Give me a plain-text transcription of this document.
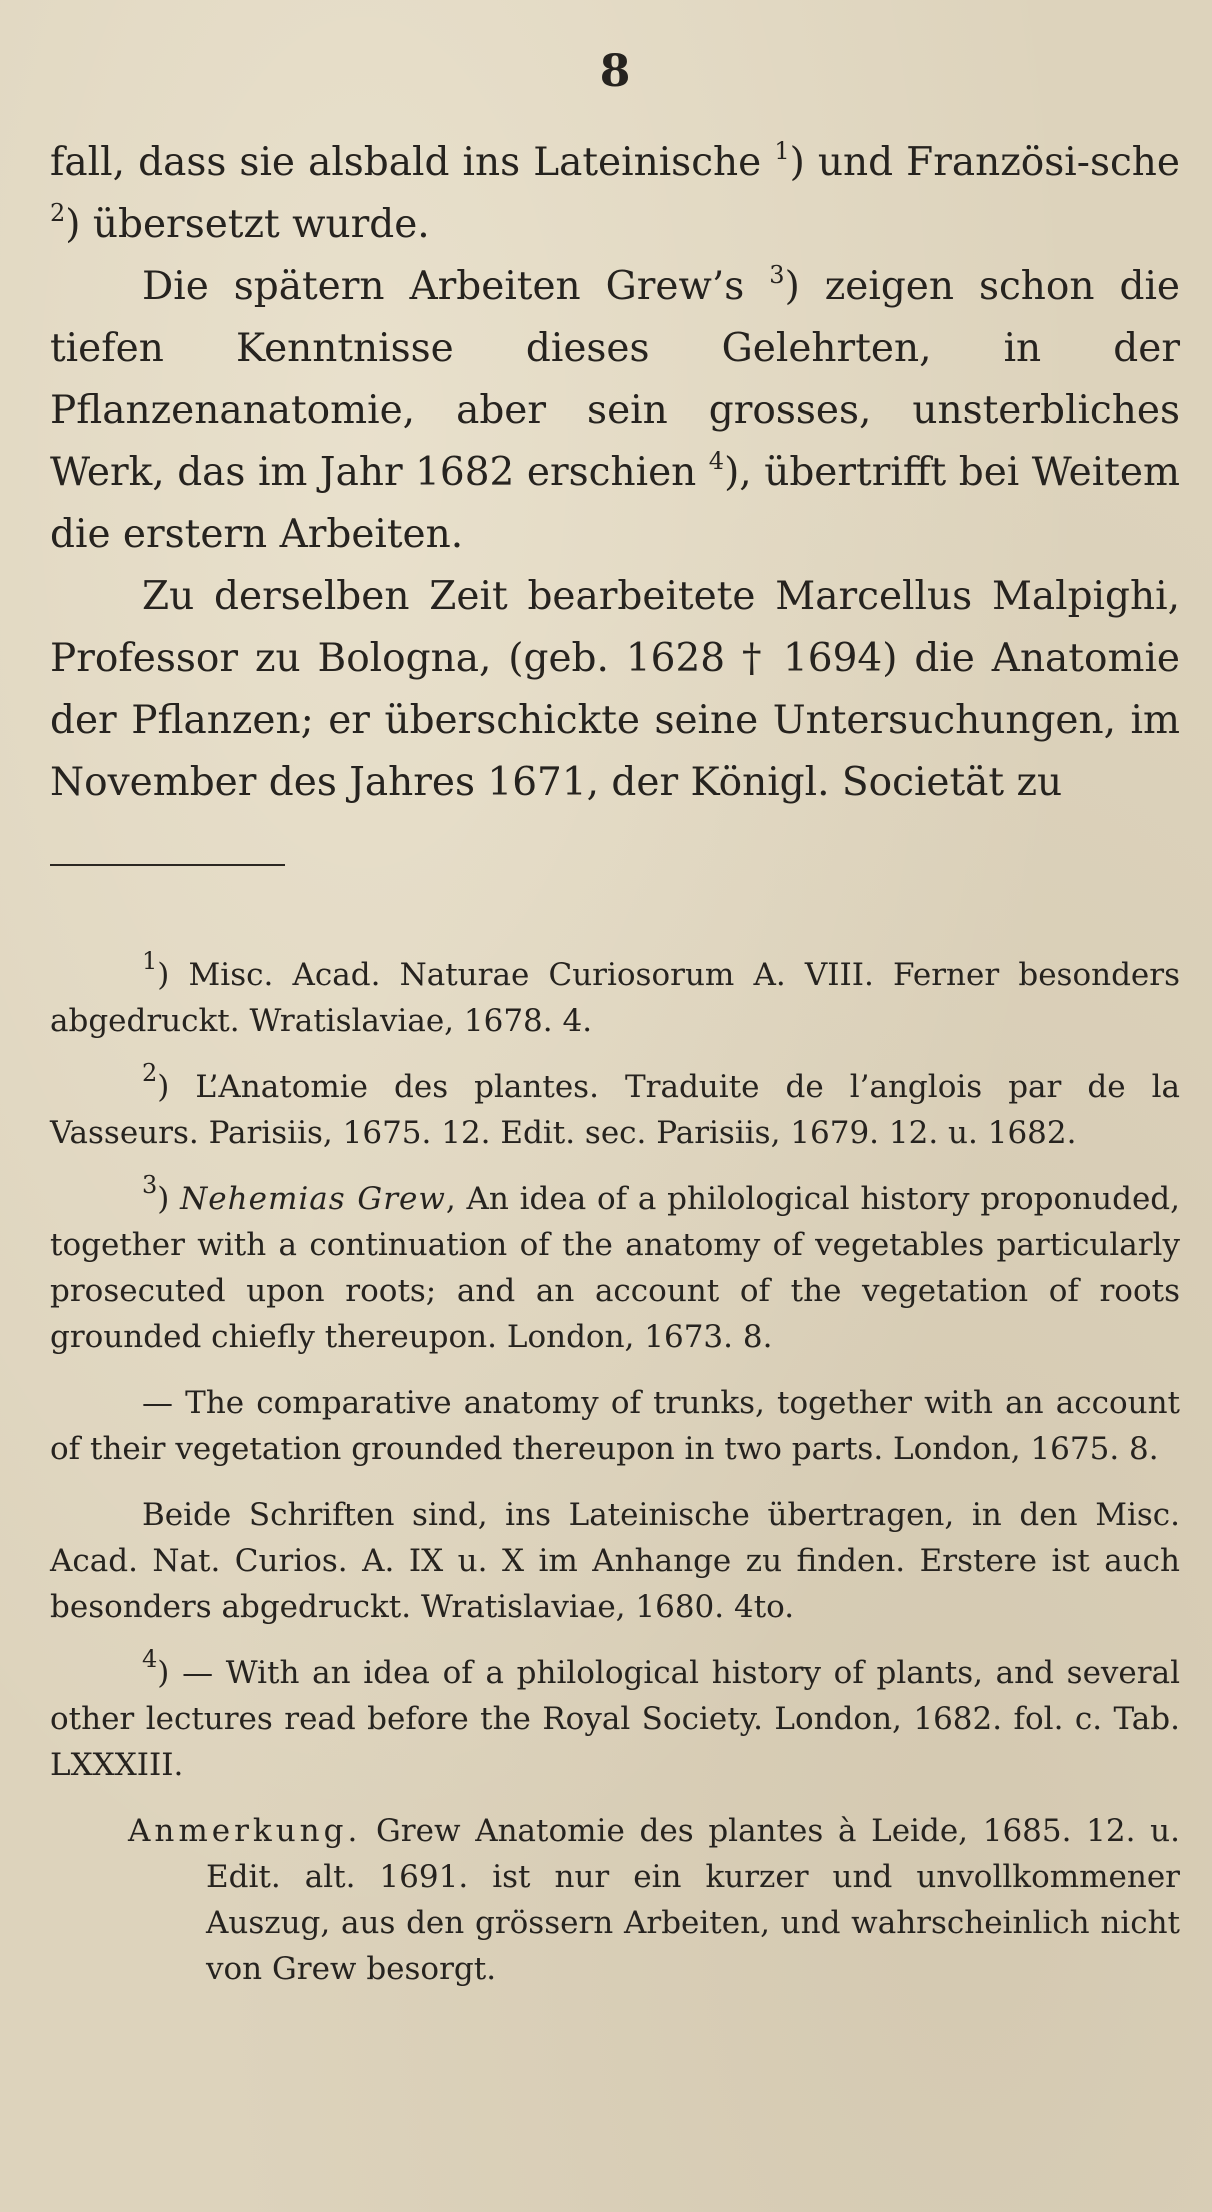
8

fall, dass sie alsbald ins Lateinische $^1$) und Französi-sche $^2$) übersetzt wurde.

Die spätern Arbeiten Grew’s $^3$) zeigen schon die tiefen Kenntnisse dieses Gelehrten, in der Pflanzenanatomie, aber sein grosses, unsterbliches Werk, das im Jahr 1682 erschien $^4$), übertrifft bei Weitem die erstern Arbeiten.

Zu derselben Zeit bearbeitete Marcellus Malpighi, Professor zu Bologna, (geb. 1628 † 1694) die Anatomie der Pflanzen; er überschickte seine Untersuchungen, im November des Jahres 1671, der Königl. Societät zu

$^1$) Misc. Acad. Naturae Curiosorum A. VIII. Ferner besonders abgedruckt. Wratislaviae, 1678. 4.

$^2$) L’Anatomie des plantes. Traduite de l’anglois par de la Vasseurs. Parisiis, 1675. 12. Edit. sec. Parisiis, 1679. 12. u. 1682.

$^3$) Nehemias Grew, An idea of a philological history proponuded, together with a continuation of the anatomy of vegetables particularly prosecuted upon roots; and an account of the vegetation of roots grounded chiefly thereupon. London, 1673. 8.

— The comparative anatomy of trunks, together with an account of their vegetation grounded thereupon in two parts. London, 1675. 8.

Beide Schriften sind, ins Lateinische übertragen, in den Misc. Acad. Nat. Curios. A. IX u. X im Anhange zu finden. Erstere ist auch besonders abgedruckt. Wratislaviae, 1680. 4to.

$^4$) — With an idea of a philological history of plants, and several other lectures read before the Royal Society. London, 1682. fol. c. Tab. LXXXIII.

Anmerkung. Grew Anatomie des plantes à Leide, 1685. 12. u. Edit. alt. 1691. ist nur ein kurzer und unvollkommener Auszug, aus den grössern Arbeiten, und wahrscheinlich nicht von Grew besorgt.
